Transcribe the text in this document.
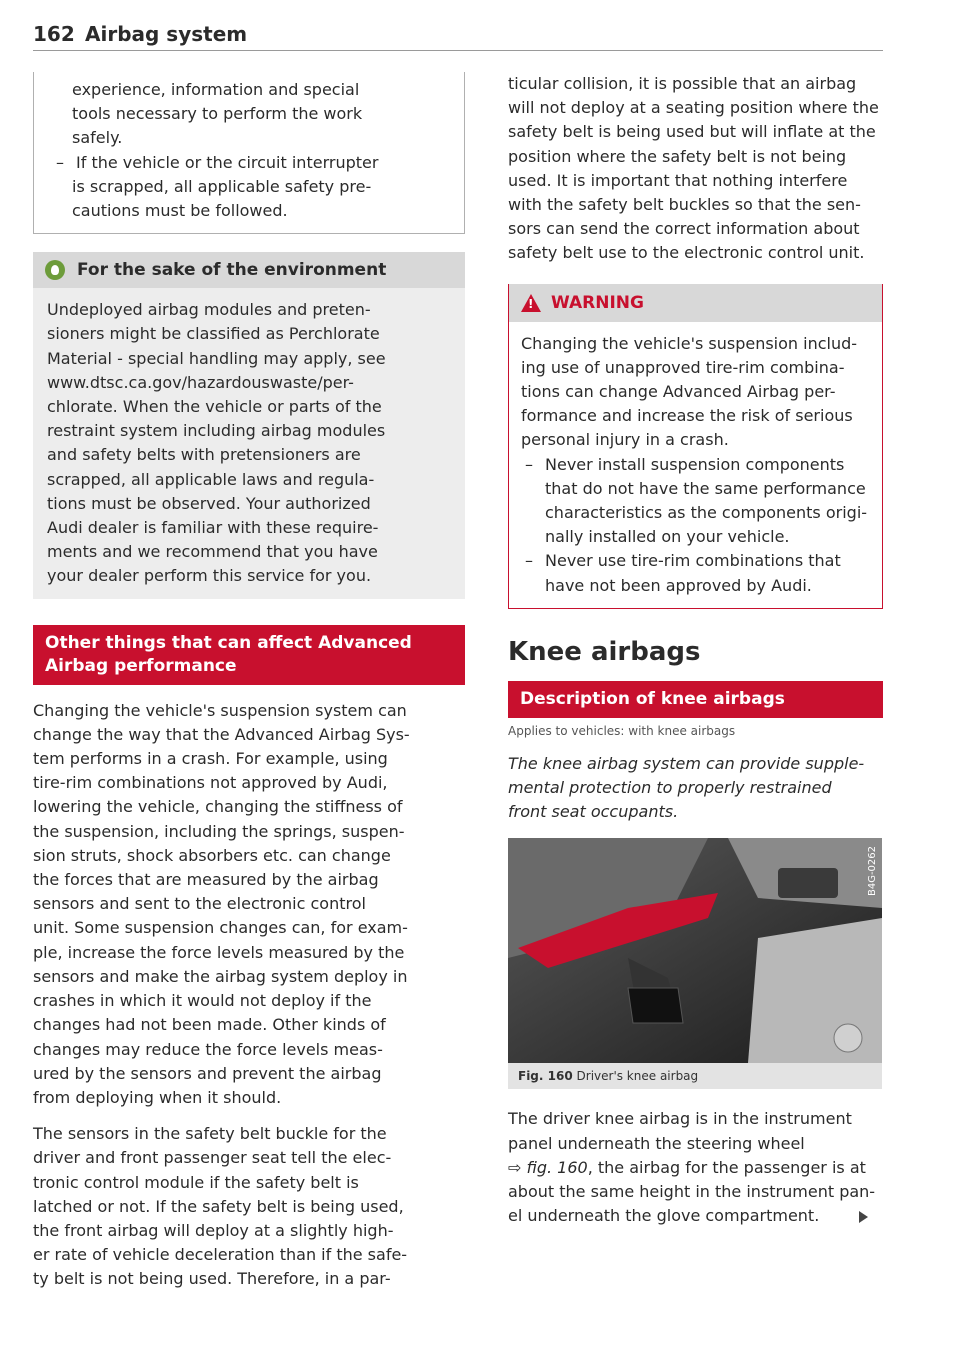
162 Airbag system

experience, information and special

tools necessary to perform the work

safely.

– If the vehicle or the circuit interrupter

is scrapped, all applicable safety pre-

cautions must be followed.

For the sake of the environment

Undeployed airbag modules and preten-

sioners might be classified as Perchlorate

Material - special handling may apply, see

www.dtsc.ca.gov/hazardouswaste/per-

chlorate. When the vehicle or parts of the

restraint system including airbag modules

and safety belts with pretensioners are

scrapped, all applicable laws and regula-

tions must be observed. Your authorized

Audi dealer is familiar with these require-

ments and we recommend that you have

your dealer perform this service for you.

Other things that can affect Advanced
Airbag performance

Changing the vehicle's suspension system can

change the way that the Advanced Airbag Sys-

tem performs in a crash. For example, using

tire-rim combinations not approved by Audi,

lowering the vehicle, changing the stiffness of

the suspension, including the springs, suspen-

sion struts, shock absorbers etc. can change

the forces that are measured by the airbag

sensors and sent to the electronic control

unit. Some suspension changes can, for exam-

ple, increase the force levels measured by the

sensors and make the airbag system deploy in

crashes in which it would not deploy if the

changes had not been made. Other kinds of

changes may reduce the force levels meas-

ured by the sensors and prevent the airbag

from deploying when it should.

The sensors in the safety belt buckle for the

driver and front passenger seat tell the elec-

tronic control module if the safety belt is

latched or not. If the safety belt is being used,

the front airbag will deploy at a slightly high-

er rate of vehicle deceleration than if the safe-

ty belt is not being used. Therefore, in a par-

ticular collision, it is possible that an airbag

will not deploy at a seating position where the

safety belt is being used but will inflate at the

position where the safety belt is not being

used. It is important that nothing interfere

with the safety belt buckles so that the sen-

sors can send the correct information about

safety belt use to the electronic control unit.

!
WARNING

Changing the vehicle's suspension includ-

ing use of unapproved tire-rim combina-

tions can change Advanced Airbag per-

formance and increase the risk of serious

personal injury in a crash.

– Never install suspension components

that do not have the same performance

characteristics as the components origi-

nally installed on your vehicle.

– Never use tire-rim combinations that

have not been approved by Audi.

Knee airbags
Description of knee airbags
Applies to vehicles: with knee airbags

The knee airbag system can provide supple-

mental protection to properly restrained

front seat occupants.

B4G-0262
Fig. 160 Driver's knee airbag

The driver knee airbag is in the instrument

panel underneath the steering wheel

⇨ fig. 160, the airbag for the passenger is at

about the same height in the instrument pan-

el underneath the glove compartment.
